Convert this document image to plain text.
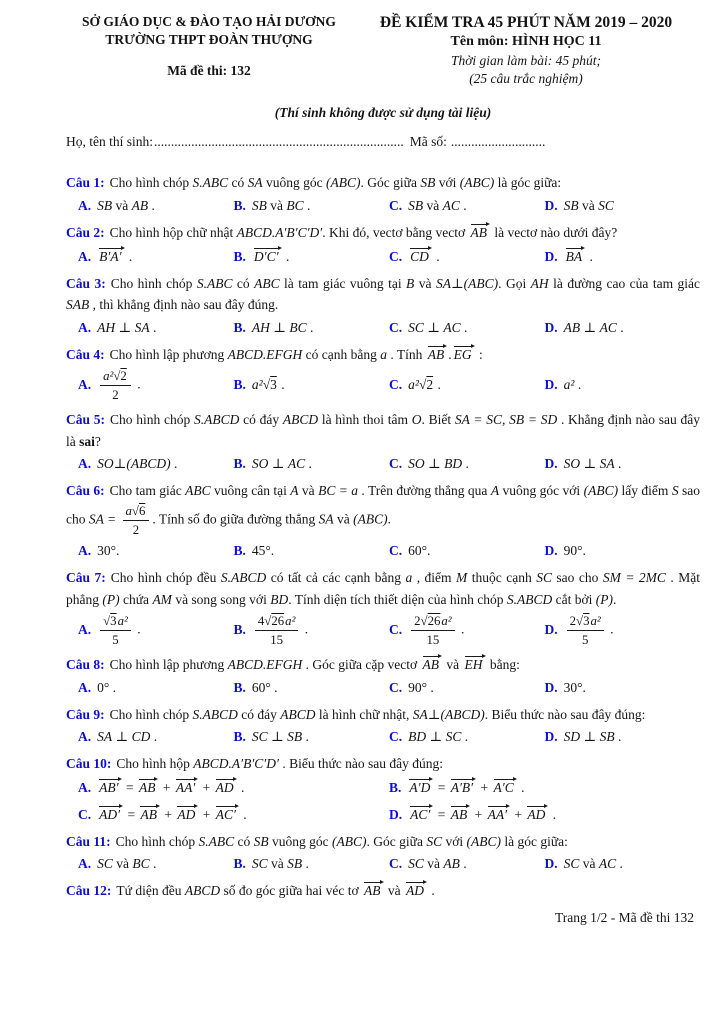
SỞ GIÁO DỤC & ĐÀO TẠO HẢI DƯƠNG
TRƯỜNG THPT ĐOÀN THƯỢNG
Mã đề thi: 132
ĐỀ KIỂM TRA 45 PHÚT NĂM 2019 – 2020
Tên môn: HÌNH HỌC 11
Thời gian làm bài: 45 phút;
(25 câu trắc nghiệm)
(Thí sinh không được sử dụng tài liệu)
Họ, tên thí sinh:.......................................................................... Mã số: ............................
Câu 1: Cho hình chóp S.ABC có SA vuông góc (ABC). Góc giữa SB với (ABC) là góc giữa:
A. SB và AB .	B. SB và BC .	C. SB và AC .	D. SB và SC
Câu 2: Cho hình hộp chữ nhật ABCD.A′B′C′D′. Khi đó, vectơ bằng vectơ AB là vectơ nào dưới đây?
A. B′A′ .	B. D′C′ .	C. CD .	D. BA .
Câu 3: Cho hình chóp S.ABC có ABC là tam giác vuông tại B và SA⊥(ABC). Gọi AH là đường cao của tam giác SAB , thì khẳng định nào sau đây đúng.
A. AH ⊥ SA .	B. AH ⊥ BC .	C. SC ⊥ AC .	D. AB ⊥ AC .
Câu 4: Cho hình lập phương ABCD.EFGH có cạnh bằng a . Tính AB . EG :
A. $\frac{\text{a²√2}}{2}$ .	B. a²√3 .	C. a²√2 .	D. a² .
Câu 5: Cho hình chóp S.ABCD có đáy ABCD là hình thoi tâm O. Biết SA = SC, SB = SD . Khẳng định nào sau đây là sai?
A. SO⊥(ABCD) .	B. SO ⊥ AC .	C. SO ⊥ BD .	D. SO ⊥ SA .
Câu 6: Cho tam giác ABC vuông cân tại A và BC = a . Trên đường thẳng qua A vuông góc với (ABC) lấy điểm S sao cho SA = $\frac{a√6}{2}$ . Tính số đo giữa đường thẳng SA và (ABC).
A. 30°.	B. 45°.	C. 60°.	D. 90°.
Câu 7: Cho hình chóp đều S.ABCD có tất cả các cạnh bằng a , điểm M thuộc cạnh SC sao cho SM = 2MC . Mặt phẳng (P) chứa AM và song song với BD. Tính diện tích thiết diện của hình chóp S.ABCD cắt bởi (P).
A. $\frac{\text{√3a²}}{5}$ .	B. $\frac{\text{4√26a²}}{15}$ .	C. $\frac{\text{2√26a²}}{15}$ .	D. $\frac{\text{2√3a²}}{5}$ .
Câu 8: Cho hình lập phương ABCD.EFGH . Góc giữa cặp vectơ AB và EH bằng:
A. 0° .	B. 60° .	C. 90° .	D. 30°.
Câu 9: Cho hình chóp S.ABCD có đáy ABCD là hình chữ nhật, SA⊥(ABCD). Biểu thức nào sau đây đúng:
A. SA ⊥ CD .	B. SC ⊥ SB .	C. BD ⊥ SC .	D. SD ⊥ SB .
Câu 10: Cho hình hộp ABCD.A′B′C′D′ . Biểu thức nào sau đây đúng:
A. AB′ = AB + AA′ + AD .	B. A′D = A′B′ + A′C .
C. AD′ = AB + AD + AC′ .	D. AC′ = AB + AA′ + AD .
Câu 11: Cho hình chóp S.ABC có SB vuông góc (ABC). Góc giữa SC với (ABC) là góc giữa:
A. SC và BC .	B. SC và SB .	C. SC và AB .	D. SC và AC .
Câu 12: Tứ diện đều ABCD số đo góc giữa hai véc tơ AB và AD .
Trang 1/2 - Mã đề thi 132
